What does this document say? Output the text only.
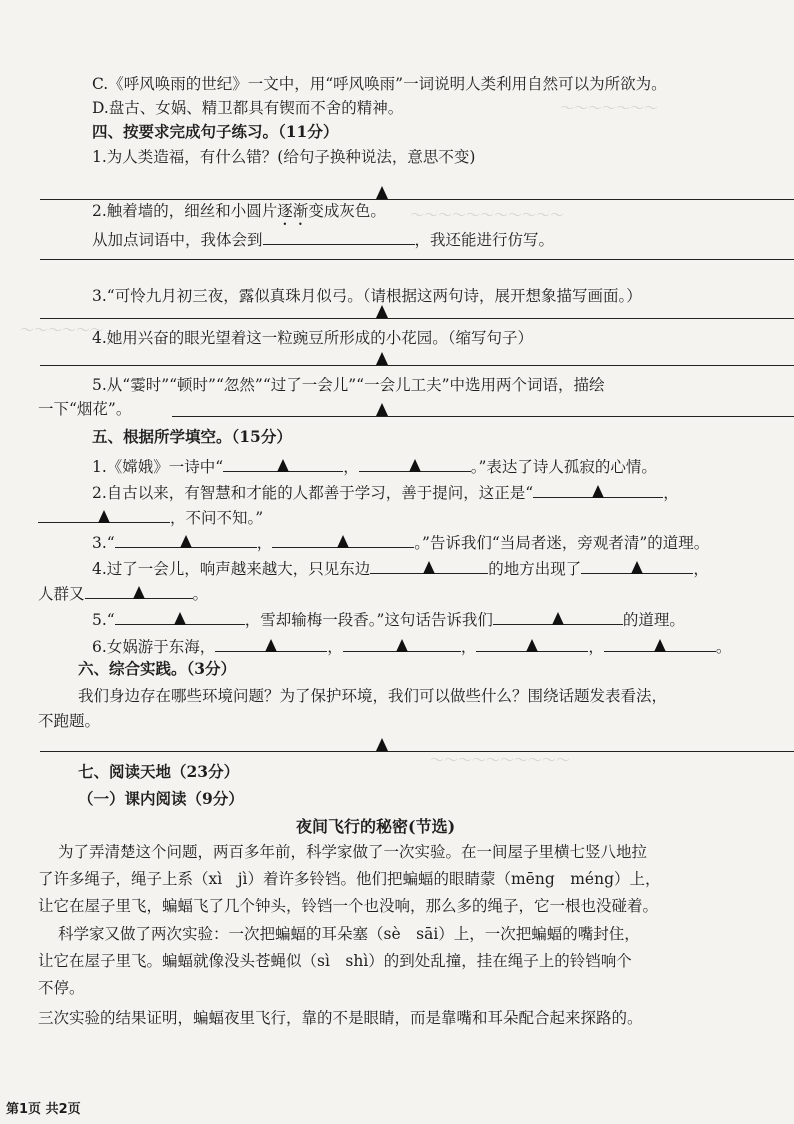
～～～～～～～
～～～～～～～～～～～
～～～～～～
～～～～～～～～～～
C.《呼风唤雨的世纪》一文中，用“呼风唤雨”一词说明人类利用自然可以为所欲为。
D.盘古、女娲、精卫都具有锲而不舍的精神。
四、按要求完成句子练习。（11分）
1.为人类造福，有什么错？(给句子换种说法，意思不变)
2.触着墙的，细丝和小圆片逐渐变成灰色。
从加点词语中，我体会到	，我还能进行仿写。
3.“可怜九月初三夜，露似真珠月似弓。（请根据这两句诗，展开想象描写画面。）
4.她用兴奋的眼光望着这一粒豌豆所形成的小花园。（缩写句子）
5.从“霎时”“顿时”“忽然”“过了一会儿”“一会儿工夫”中选用两个词语，描绘
一下“烟花”。
五、根据所学填空。（15分）
1.《嫦娥》一诗中“	，	。”表达了诗人孤寂的心情。
2.自古以来，有智慧和才能的人都善于学习，善于提问，这正是“	，
，不问不知。”
3.“	，	。”告诉我们“当局者迷，旁观者清”的道理。
4.过了一会儿，响声越来越大，只见东边	的地方出现了	，
人群又	。
5.“	，雪却输梅一段香。”这句话告诉我们	的道理。
6.女娲游于东海，	，	，	，	。
六、综合实践。（3分）
我们身边存在哪些环境问题？为了保护环境，我们可以做些什么？围绕话题发表看法，
不跑题。
七、阅读天地（23分）
（一）课内阅读（9分）
夜间飞行的秘密(节选)
为了弄清楚这个问题，两百多年前，科学家做了一次实验。在一间屋子里横七竖八地拉
了许多绳子，绳子上系（xì　jì）着许多铃铛。他们把蝙蝠的眼睛蒙（mēng　méng）上，
让它在屋子里飞，蝙蝠飞了几个钟头，铃铛一个也没响，那么多的绳子，它一根也没碰着。
科学家又做了两次实验：一次把蝙蝠的耳朵塞（sè　sāi）上，一次把蝙蝠的嘴封住，
让它在屋子里飞。蝙蝠就像没头苍蝇似（sì　shì）的到处乱撞，挂在绳子上的铃铛响个
不停。
三次实验的结果证明，蝙蝠夜里飞行，靠的不是眼睛，而是靠嘴和耳朵配合起来探路的。
第1页 共2页
